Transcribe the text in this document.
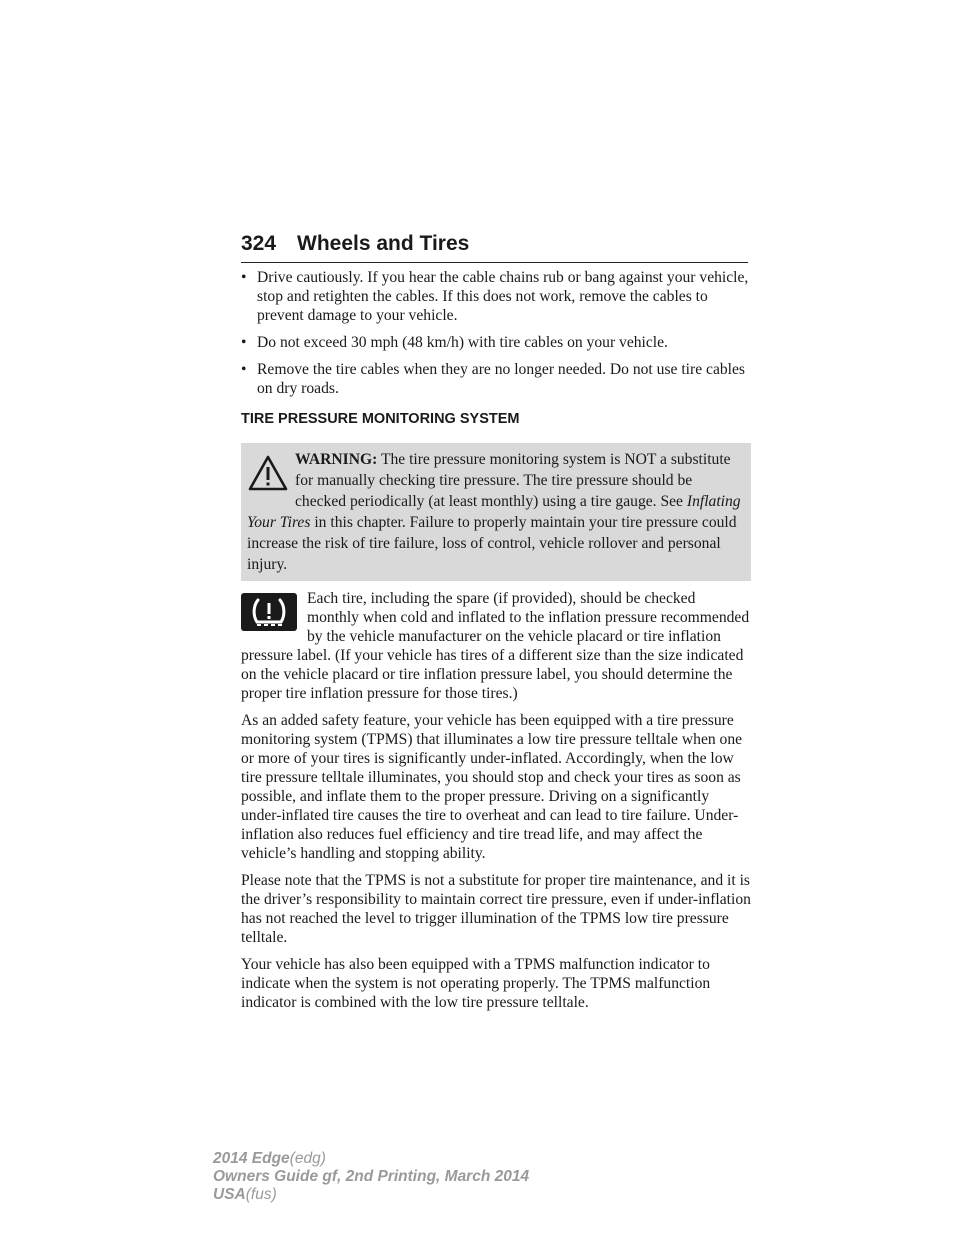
324 Wheels and Tires
• Drive cautiously. If you hear the cable chains rub or bang against your vehicle, stop and retighten the cables. If this does not work, remove the cables to prevent damage to your vehicle.
• Do not exceed 30 mph (48 km/h) with tire cables on your vehicle.
• Remove the tire cables when they are no longer needed. Do not use tire cables on dry roads.
TIRE PRESSURE MONITORING SYSTEM
WARNING: The tire pressure monitoring system is NOT a substitute for manually checking tire pressure. The tire pressure should be checked periodically (at least monthly) using a tire gauge. See Inflating Your Tires in this chapter. Failure to properly maintain your tire pressure could increase the risk of tire failure, loss of control, vehicle rollover and personal injury.

Each tire, including the spare (if provided), should be checked monthly when cold and inflated to the inflation pressure recommended by the vehicle manufacturer on the vehicle placard or tire inflation pressure label. (If your vehicle has tires of a different size than the size indicated on the vehicle placard or tire inflation pressure label, you should determine the proper tire inflation pressure for those tires.)

As an added safety feature, your vehicle has been equipped with a tire pressure monitoring system (TPMS) that illuminates a low tire pressure telltale when one or more of your tires is significantly under-inflated. Accordingly, when the low tire pressure telltale illuminates, you should stop and check your tires as soon as possible, and inflate them to the proper pressure. Driving on a significantly under-inflated tire causes the tire to overheat and can lead to tire failure. Under-inflation also reduces fuel efficiency and tire tread life, and may affect the vehicle’s handling and stopping ability.

Please note that the TPMS is not a substitute for proper tire maintenance, and it is the driver’s responsibility to maintain correct tire pressure, even if under-inflation has not reached the level to trigger illumination of the TPMS low tire pressure telltale.

Your vehicle has also been equipped with a TPMS malfunction indicator to indicate when the system is not operating properly. The TPMS malfunction indicator is combined with the low tire pressure telltale.

2014 Edge(edg)
Owners Guide gf, 2nd Printing, March 2014
USA(fus)
